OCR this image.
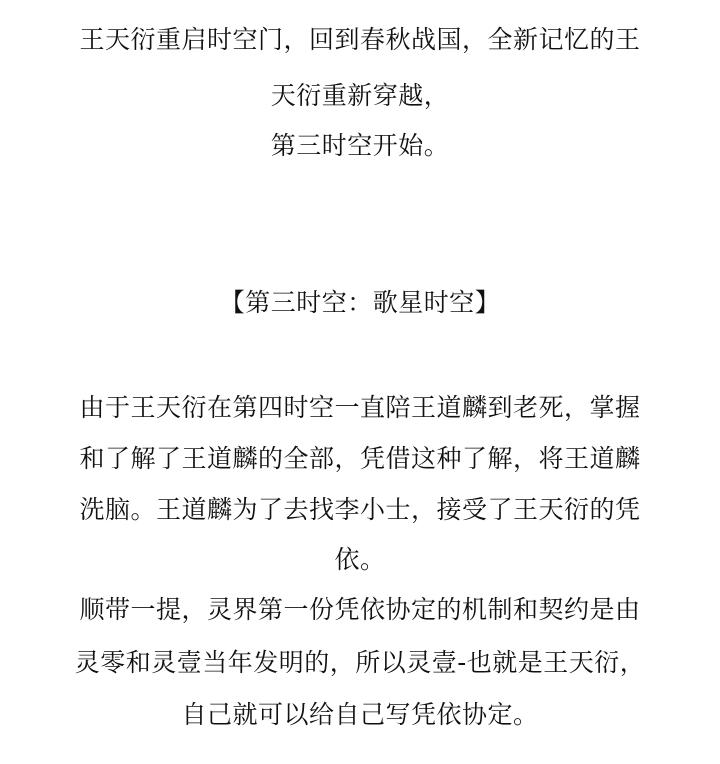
王天衍重启时空门，回到春秋战国，全新记忆的王
天衍重新穿越，
第三时空开始。
【第三时空：歌星时空】
由于王天衍在第四时空一直陪王道麟到老死，掌握
和了解了王道麟的全部，凭借这种了解，将王道麟
洗脑。王道麟为了去找李小士，接受了王天衍的凭
依。
顺带一提，灵界第一份凭依协定的机制和契约是由
灵零和灵壹当年发明的，所以灵壹-也就是王天衍，
自己就可以给自己写凭依协定。
